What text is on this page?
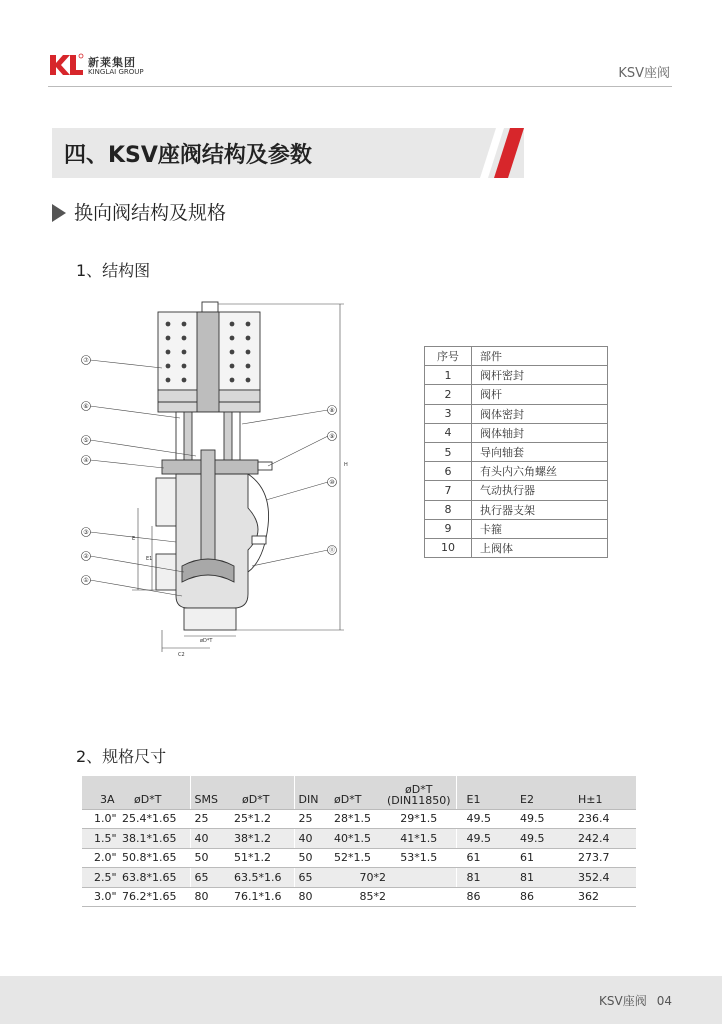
新莱集团
KINGLAI GROUP	KSV座阀
四、KSV座阀结构及参数
换向阀结构及规格
1、结构图
⑦
⑥
⑤
④
③
②
①
⑧
⑨
⑩
⑪
H
E
E1
øD*T
C2
序号	部件
1	阀杆密封
2	阀杆
3	阀体密封
4	阀体轴封
5	导向轴套
6	有头内六角螺丝
7	气动执行器
8	执行器支架
9	卡箍
10	上阀体
2、规格尺寸
3A	øD*T	SMS	øD*T	DIN	øD*T	øD*T
(DIN11850)	E1	E2	H±1
1.0"	25.4*1.65	25	25*1.2	25	28*1.5	29*1.5	49.5	49.5	236.4
1.5"	38.1*1.65	40	38*1.2	40	40*1.5	41*1.5	49.5	49.5	242.4
2.0"	50.8*1.65	50	51*1.2	50	52*1.5	53*1.5	61	61	273.7
2.5"	63.8*1.65	65	63.5*1.6	65	70*2		81	81	352.4
3.0"	76.2*1.65	80	76.1*1.6	80	85*2		86	86	362
KSV座阀 04
